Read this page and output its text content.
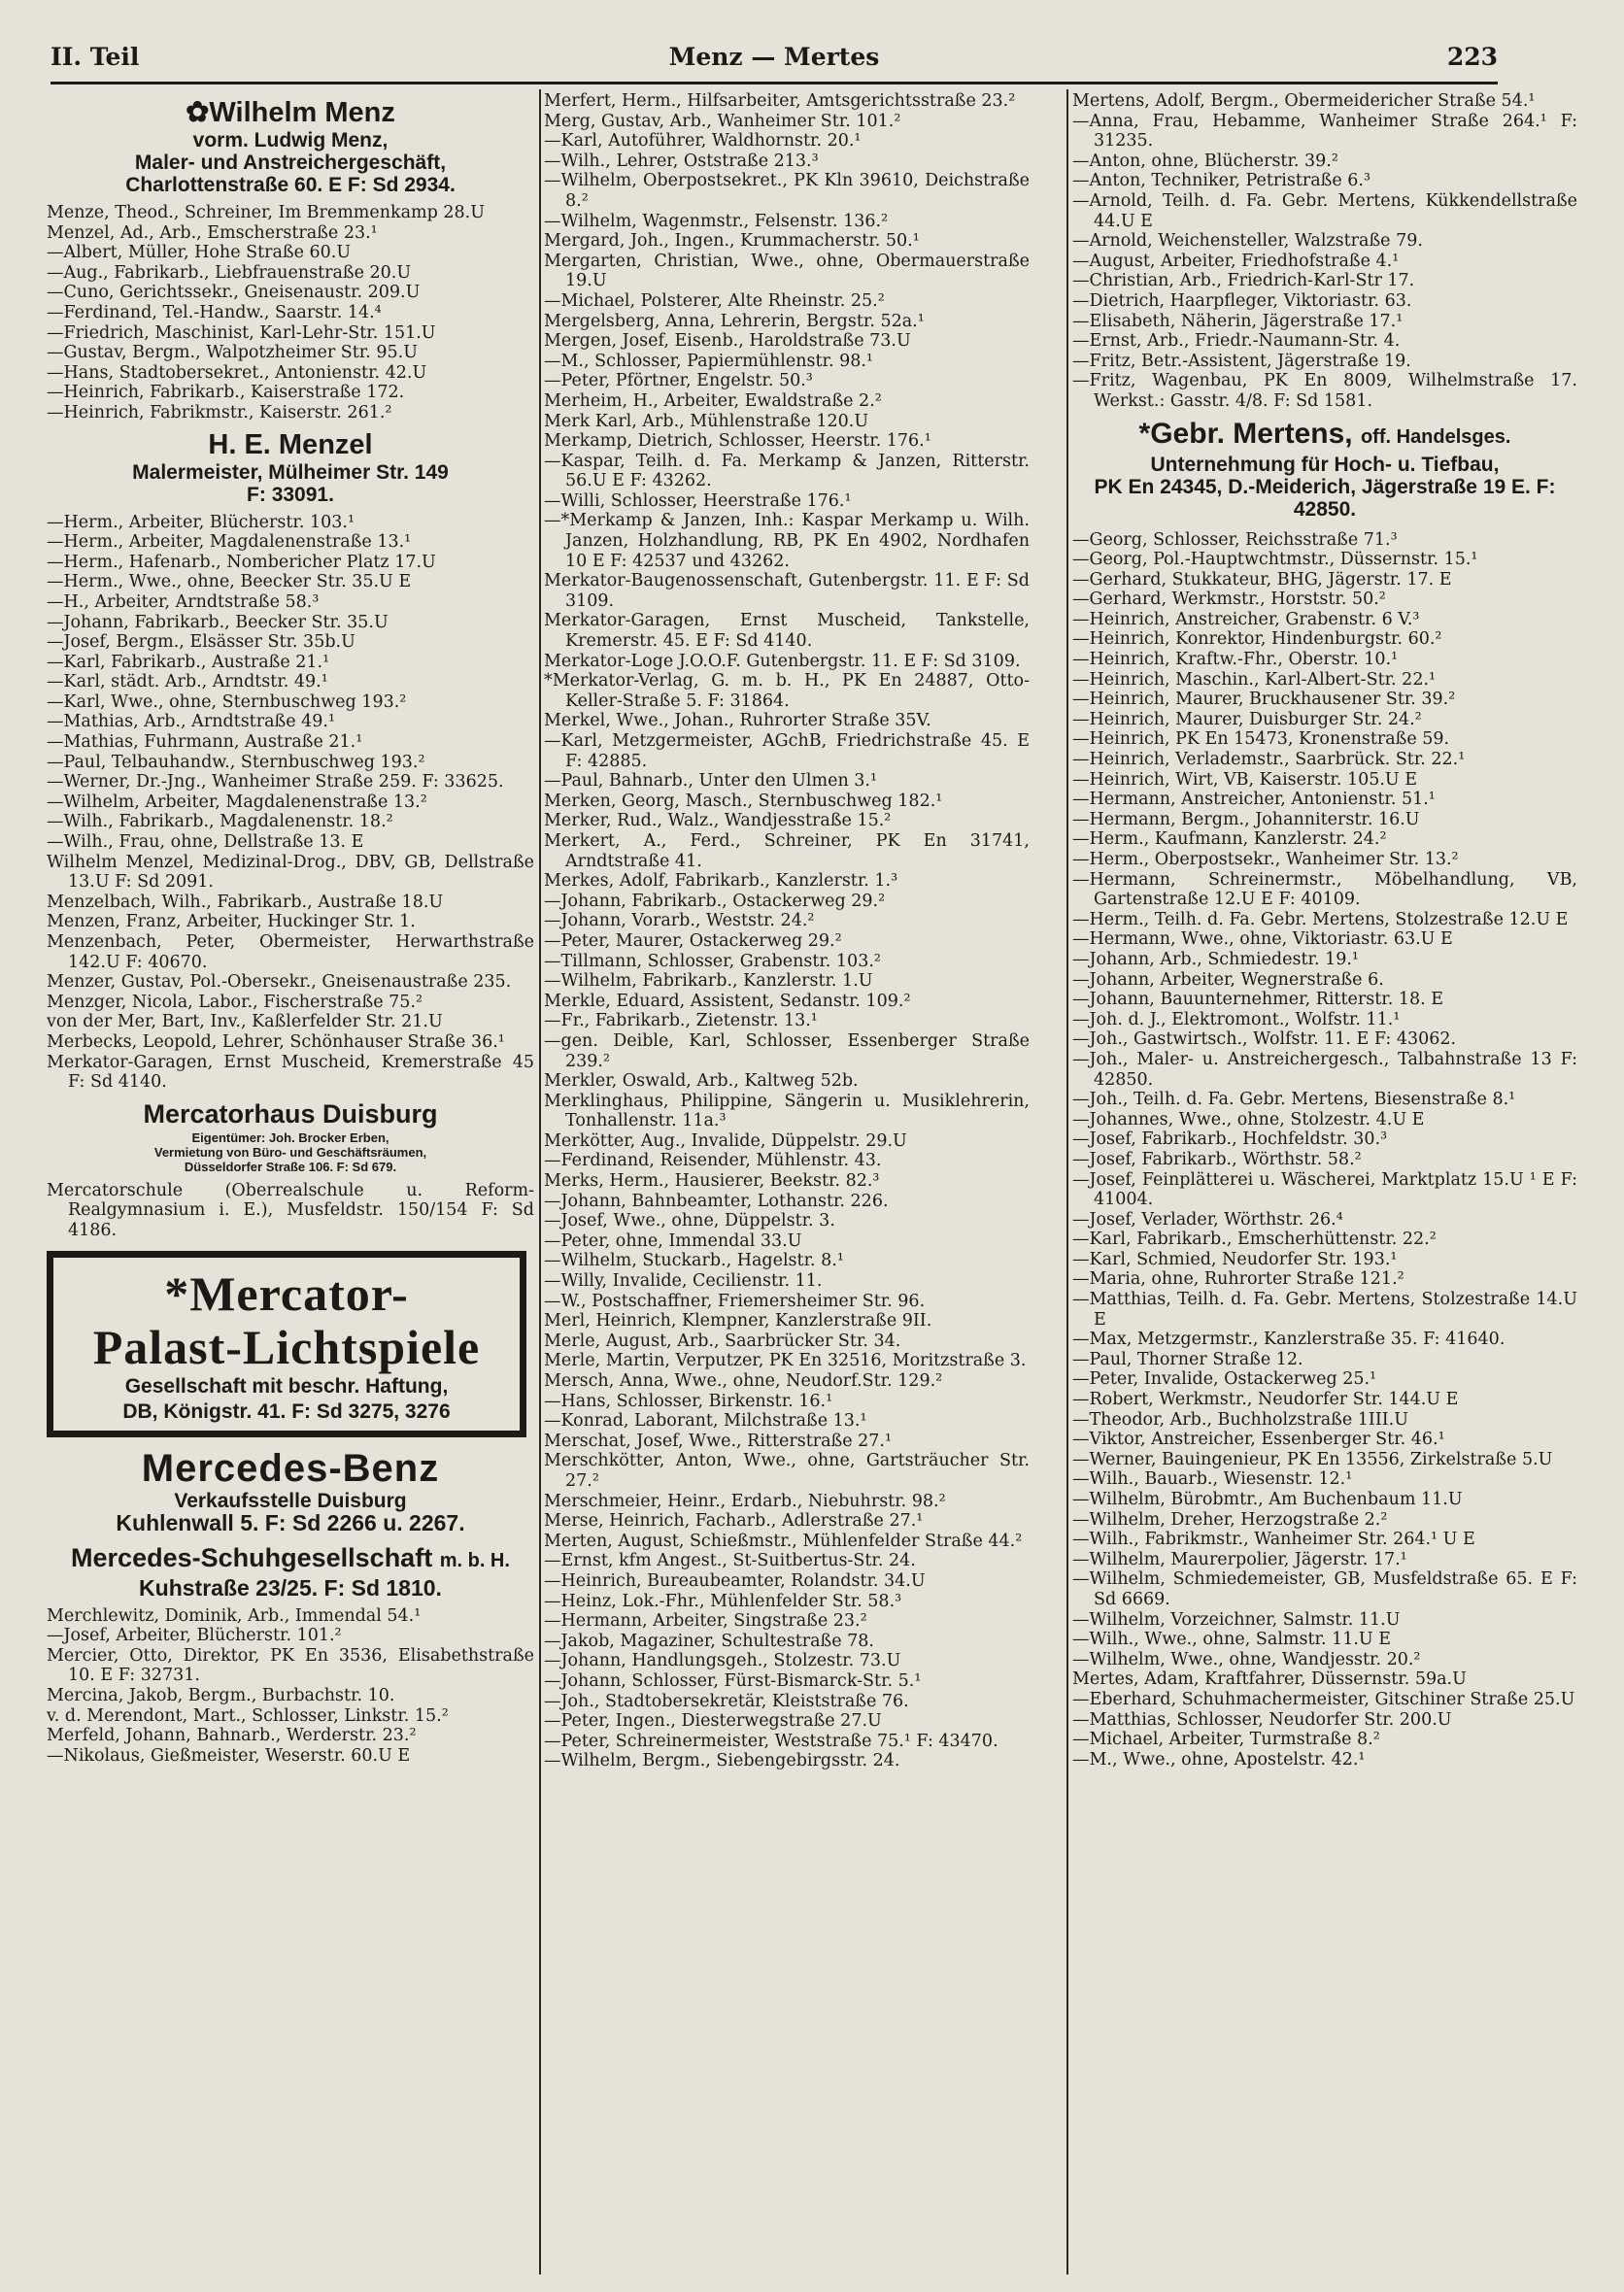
II. Teil	Menz — Mertes	223
✿Wilhelm Menz
vorm. Ludwig Menz,
Maler- und Anstreichergeschäft,
Charlottenstraße 60. E F: Sd 2934.
Menze, Theod., Schreiner, Im Bremmenkamp 28.U
Menzel, Ad., Arb., Emscherstraße 23.¹
—Albert, Müller, Hohe Straße 60.U
—Aug., Fabrikarb., Liebfrauenstraße 20.U
—Cuno, Gerichtssekr., Gneisenaustr. 209.U
—Ferdinand, Tel.-Handw., Saarstr. 14.⁴
—Friedrich, Maschinist, Karl-Lehr-Str. 151.U
—Gustav, Bergm., Walpotzheimer Str. 95.U
—Hans, Stadtobersekret., Antonienstr. 42.U
—Heinrich, Fabrikarb., Kaiserstraße 172.
—Heinrich, Fabrikmstr., Kaiserstr. 261.²
H. E. Menzel
Malermeister, Mülheimer Str. 149
F: 33091.
—Herm., Arbeiter, Blücherstr. 103.¹
—Herm., Arbeiter, Magdalenenstraße 13.¹
—Herm., Hafenarb., Nombericher Platz 17.U
—Herm., Wwe., ohne, Beecker Str. 35.U E
—H., Arbeiter, Arndtstraße 58.³
—Johann, Fabrikarb., Beecker Str. 35.U
—Josef, Bergm., Elsässer Str. 35b.U
—Karl, Fabrikarb., Austraße 21.¹
—Karl, städt. Arb., Arndtstr. 49.¹
—Karl, Wwe., ohne, Sternbuschweg 193.²
—Mathias, Arb., Arndtstraße 49.¹
—Mathias, Fuhrmann, Austraße 21.¹
—Paul, Telbauhandw., Sternbuschweg 193.²
—Werner, Dr.-Jng., Wanheimer Straße 259. F: 33625.
—Wilhelm, Arbeiter, Magdalenenstraße 13.²
—Wilh., Fabrikarb., Magdalenenstr. 18.²
—Wilh., Frau, ohne, Dellstraße 13. E
Wilhelm Menzel, Medizinal-Drog., DBV, GB, Dellstraße 13.U F: Sd 2091.
Menzelbach, Wilh., Fabrikarb., Austraße 18.U
Menzen, Franz, Arbeiter, Huckinger Str. 1.
Menzenbach, Peter, Obermeister, Herwarthstraße 142.U F: 40670.
Menzer, Gustav, Pol.-Obersekr., Gneisenaustraße 235.
Menzger, Nicola, Labor., Fischerstraße 75.²
von der Mer, Bart, Inv., Kaßlerfelder Str. 21.U
Merbecks, Leopold, Lehrer, Schönhauser Straße 36.¹
Merkator-Garagen, Ernst Muscheid, Kremerstraße 45 F: Sd 4140.
Mercatorhaus Duisburg
Eigentümer: Joh. Brocker Erben,
Vermietung von Büro- und Geschäftsräumen,
Düsseldorfer Straße 106. F: Sd 679.
Mercatorschule (Oberrealschule u. Reform-Realgymnasium i. E.), Musfeldstr. 150/154 F: Sd 4186.
*Mercator-
Palast-Lichtspiele
Gesellschaft mit beschr. Haftung,
DB, Königstr. 41. F: Sd 3275, 3276
Mercedes-Benz
Verkaufsstelle Duisburg
Kuhlenwall 5. F: Sd 2266 u. 2267.
Mercedes-Schuhgesellschaft m. b. H.
Kuhstraße 23/25. F: Sd 1810.
Merchlewitz, Dominik, Arb., Immendal 54.¹
—Josef, Arbeiter, Blücherstr. 101.²
Mercier, Otto, Direktor, PK En 3536, Elisabethstraße 10. E F: 32731.
Mercina, Jakob, Bergm., Burbachstr. 10.
v. d. Merendont, Mart., Schlosser, Linkstr. 15.²
Merfeld, Johann, Bahnarb., Werderstr. 23.²
—Nikolaus, Gießmeister, Weserstr. 60.U E
Merfert, Herm., Hilfsarbeiter, Amtsgerichtsstraße 23.²
Merg, Gustav, Arb., Wanheimer Str. 101.²
—Karl, Autoführer, Waldhornstr. 20.¹
—Wilh., Lehrer, Oststraße 213.³
—Wilhelm, Oberpostsekret., PK Kln 39610, Deichstraße 8.²
—Wilhelm, Wagenmstr., Felsenstr. 136.²
Mergard, Joh., Ingen., Krummacherstr. 50.¹
Mergarten, Christian, Wwe., ohne, Obermauerstraße 19.U
—Michael, Polsterer, Alte Rheinstr. 25.²
Mergelsberg, Anna, Lehrerin, Bergstr. 52a.¹
Mergen, Josef, Eisenb., Haroldstraße 73.U
—M., Schlosser, Papiermühlenstr. 98.¹
—Peter, Pförtner, Engelstr. 50.³
Merheim, H., Arbeiter, Ewaldstraße 2.²
Merk Karl, Arb., Mühlenstraße 120.U
Merkamp, Dietrich, Schlosser, Heerstr. 176.¹
—Kaspar, Teilh. d. Fa. Merkamp & Janzen, Ritterstr. 56.U E F: 43262.
—Willi, Schlosser, Heerstraße 176.¹
—*Merkamp & Janzen, Inh.: Kaspar Merkamp u. Wilh. Janzen, Holzhandlung, RB, PK En 4902, Nordhafen 10 E F: 42537 und 43262.
Merkator-Baugenossenschaft, Gutenbergstr. 11. E F: Sd 3109.
Merkator-Garagen, Ernst Muscheid, Tankstelle, Kremerstr. 45. E F: Sd 4140.
Merkator-Loge J.O.O.F. Gutenbergstr. 11. E F: Sd 3109.
*Merkator-Verlag, G. m. b. H., PK En 24887, Otto-Keller-Straße 5. F: 31864.
Merkel, Wwe., Johan., Ruhrorter Straße 35V.
—Karl, Metzgermeister, AGchB, Friedrichstraße 45. E F: 42885.
—Paul, Bahnarb., Unter den Ulmen 3.¹
Merken, Georg, Masch., Sternbuschweg 182.¹
Merker, Rud., Walz., Wandjesstraße 15.²
Merkert, A., Ferd., Schreiner, PK En 31741, Arndtstraße 41.
Merkes, Adolf, Fabrikarb., Kanzlerstr. 1.³
—Johann, Fabrikarb., Ostackerweg 29.²
—Johann, Vorarb., Weststr. 24.²
—Peter, Maurer, Ostackerweg 29.²
—Tillmann, Schlosser, Grabenstr. 103.²
—Wilhelm, Fabrikarb., Kanzlerstr. 1.U
Merkle, Eduard, Assistent, Sedanstr. 109.²
—Fr., Fabrikarb., Zietenstr. 13.¹
—gen. Deible, Karl, Schlosser, Essenberger Straße 239.²
Merkler, Oswald, Arb., Kaltweg 52b.
Merklinghaus, Philippine, Sängerin u. Musiklehrerin, Tonhallenstr. 11a.³
Merkötter, Aug., Invalide, Düppelstr. 29.U
—Ferdinand, Reisender, Mühlenstr. 43.
Merks, Herm., Hausierer, Beekstr. 82.³
—Johann, Bahnbeamter, Lothanstr. 226.
—Josef, Wwe., ohne, Düppelstr. 3.
—Peter, ohne, Immendal 33.U
—Wilhelm, Stuckarb., Hagelstr. 8.¹
—Willy, Invalide, Cecilienstr. 11.
—W., Postschaffner, Friemersheimer Str. 96.
Merl, Heinrich, Klempner, Kanzlerstraße 9II.
Merle, August, Arb., Saarbrücker Str. 34.
Merle, Martin, Verputzer, PK En 32516, Moritzstraße 3.
Mersch, Anna, Wwe., ohne, Neudorf.Str. 129.²
—Hans, Schlosser, Birkenstr. 16.¹
—Konrad, Laborant, Milchstraße 13.¹
Merschat, Josef, Wwe., Ritterstraße 27.¹
Merschkötter, Anton, Wwe., ohne, Gartsträucher Str. 27.²
Merschmeier, Heinr., Erdarb., Niebuhrstr. 98.²
Merse, Heinrich, Facharb., Adlerstraße 27.¹
Merten, August, Schießmstr., Mühlenfelder Straße 44.²
—Ernst, kfm Angest., St-Suitbertus-Str. 24.
—Heinrich, Bureaubeamter, Rolandstr. 34.U
—Heinz, Lok.-Fhr., Mühlenfelder Str. 58.³
—Hermann, Arbeiter, Singstraße 23.²
—Jakob, Magaziner, Schultestraße 78.
—Johann, Handlungsgeh., Stolzestr. 73.U
—Johann, Schlosser, Fürst-Bismarck-Str. 5.¹
—Joh., Stadtobersekretär, Kleiststraße 76.
—Peter, Ingen., Diesterwegstraße 27.U
—Peter, Schreinermeister, Weststraße 75.¹ F: 43470.
—Wilhelm, Bergm., Siebengebirgsstr. 24.
Mertens, Adolf, Bergm., Obermeidericher Straße 54.¹
—Anna, Frau, Hebamme, Wanheimer Straße 264.¹ F: 31235.
—Anton, ohne, Blücherstr. 39.²
—Anton, Techniker, Petristraße 6.³
—Arnold, Teilh. d. Fa. Gebr. Mertens, Kükkendellstraße 44.U E
—Arnold, Weichensteller, Walzstraße 79.
—August, Arbeiter, Friedhofstraße 4.¹
—Christian, Arb., Friedrich-Karl-Str 17.
—Dietrich, Haarpfleger, Viktoriastr. 63.
—Elisabeth, Näherin, Jägerstraße 17.¹
—Ernst, Arb., Friedr.-Naumann-Str. 4.
—Fritz, Betr.-Assistent, Jägerstraße 19.
—Fritz, Wagenbau, PK En 8009, Wilhelmstraße 17. Werkst.: Gasstr. 4/8. F: Sd 1581.
*Gebr. Mertens, off. Handelsges.
Unternehmung für Hoch- u. Tiefbau,
PK En 24345, D.-Meiderich, Jägerstraße 19 E. F: 42850.
—Georg, Schlosser, Reichsstraße 71.³
—Georg, Pol.-Hauptwchtmstr., Düssernstr. 15.¹
—Gerhard, Stukkateur, BHG, Jägerstr. 17. E
—Gerhard, Werkmstr., Horststr. 50.²
—Heinrich, Anstreicher, Grabenstr. 6 V.³
—Heinrich, Konrektor, Hindenburgstr. 60.²
—Heinrich, Kraftw.-Fhr., Oberstr. 10.¹
—Heinrich, Maschin., Karl-Albert-Str. 22.¹
—Heinrich, Maurer, Bruckhausener Str. 39.²
—Heinrich, Maurer, Duisburger Str. 24.²
—Heinrich, PK En 15473, Kronenstraße 59.
—Heinrich, Verlademstr., Saarbrück. Str. 22.¹
—Heinrich, Wirt, VB, Kaiserstr. 105.U E
—Hermann, Anstreicher, Antonienstr. 51.¹
—Hermann, Bergm., Johanniterstr. 16.U
—Herm., Kaufmann, Kanzlerstr. 24.²
—Herm., Oberpostsekr., Wanheimer Str. 13.²
—Hermann, Schreinermstr., Möbelhandlung, VB, Gartenstraße 12.U E F: 40109.
—Herm., Teilh. d. Fa. Gebr. Mertens, Stolzestraße 12.U E
—Hermann, Wwe., ohne, Viktoriastr. 63.U E
—Johann, Arb., Schmiedestr. 19.¹
—Johann, Arbeiter, Wegnerstraße 6.
—Johann, Bauunternehmer, Ritterstr. 18. E
—Joh. d. J., Elektromont., Wolfstr. 11.¹
—Joh., Gastwirtsch., Wolfstr. 11. E F: 43062.
—Joh., Maler- u. Anstreichergesch., Talbahnstraße 13 F: 42850.
—Joh., Teilh. d. Fa. Gebr. Mertens, Biesenstraße 8.¹
—Johannes, Wwe., ohne, Stolzestr. 4.U E
—Josef, Fabrikarb., Hochfeldstr. 30.³
—Josef, Fabrikarb., Wörthstr. 58.²
—Josef, Feinplätterei u. Wäscherei, Marktplatz 15.U ¹ E F: 41004.
—Josef, Verlader, Wörthstr. 26.⁴
—Karl, Fabrikarb., Emscherhüttenstr. 22.²
—Karl, Schmied, Neudorfer Str. 193.¹
—Maria, ohne, Ruhrorter Straße 121.²
—Matthias, Teilh. d. Fa. Gebr. Mertens, Stolzestraße 14.U E
—Max, Metzgermstr., Kanzlerstraße 35. F: 41640.
—Paul, Thorner Straße 12.
—Peter, Invalide, Ostackerweg 25.¹
—Robert, Werkmstr., Neudorfer Str. 144.U E
—Theodor, Arb., Buchholzstraße 1III.U
—Viktor, Anstreicher, Essenberger Str. 46.¹
—Werner, Bauingenieur, PK En 13556, Zirkelstraße 5.U
—Wilh., Bauarb., Wiesenstr. 12.¹
—Wilhelm, Bürobmtr., Am Buchenbaum 11.U
—Wilhelm, Dreher, Herzogstraße 2.²
—Wilh., Fabrikmstr., Wanheimer Str. 264.¹ U E
—Wilhelm, Maurerpolier, Jägerstr. 17.¹
—Wilhelm, Schmiedemeister, GB, Musfeldstraße 65. E F: Sd 6669.
—Wilhelm, Vorzeichner, Salmstr. 11.U
—Wilh., Wwe., ohne, Salmstr. 11.U E
—Wilhelm, Wwe., ohne, Wandjesstr. 20.²
Mertes, Adam, Kraftfahrer, Düssernstr. 59a.U
—Eberhard, Schuhmachermeister, Gitschiner Straße 25.U
—Matthias, Schlosser, Neudorfer Str. 200.U
—Michael, Arbeiter, Turmstraße 8.²
—M., Wwe., ohne, Apostelstr. 42.¹
